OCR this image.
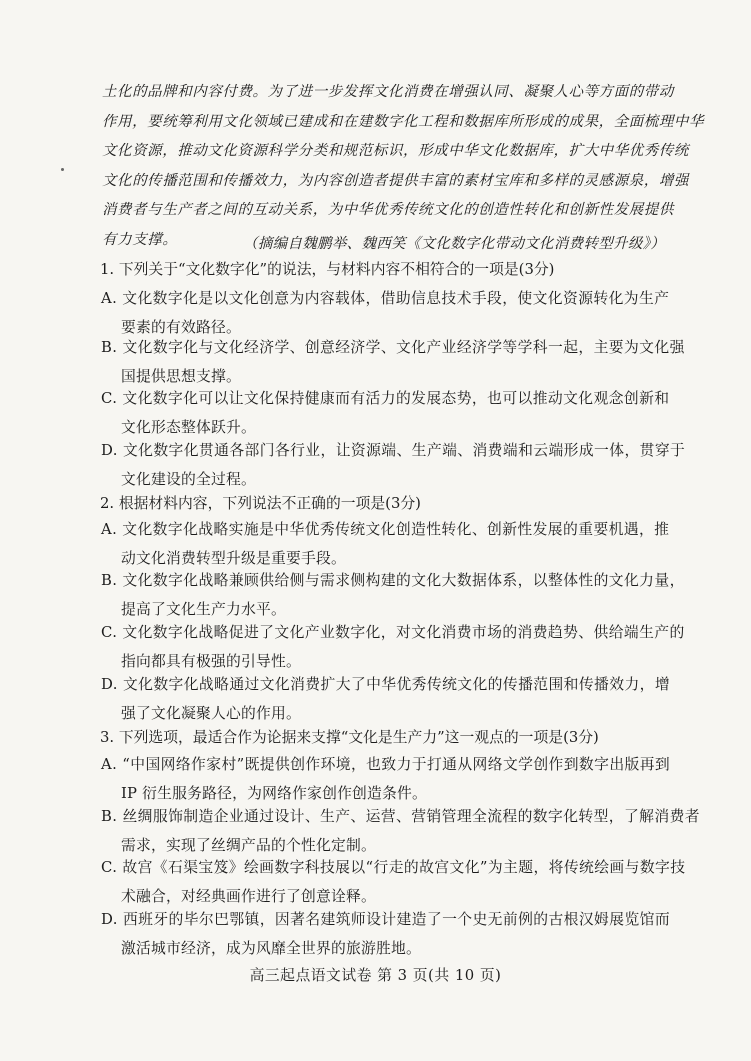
土化的品牌和内容付费。为了进一步发挥文化消费在增强认同、凝聚人心等方面的带动
作用，要统筹利用文化领域已建成和在建数字化工程和数据库所形成的成果，全面梳理中华
文化资源，推动文化资源科学分类和规范标识，形成中华文化数据库，扩大中华优秀传统
文化的传播范围和传播效力，为内容创造者提供丰富的素材宝库和多样的灵感源泉，增强
消费者与生产者之间的互动关系，为中华优秀传统文化的创造性转化和创新性发展提供
有力支撑。	（摘编自魏鹏举、魏西笑《文化数字化带动文化消费转型升级》）
1. 下列关于“文化数字化”的说法，与材料内容不相符合的一项是(3分)
A. 文化数字化是以文化创意为内容载体，借助信息技术手段，使文化资源转化为生产
要素的有效路径。
B. 文化数字化与文化经济学、创意经济学、文化产业经济学等学科一起，主要为文化强
国提供思想支撑。
C. 文化数字化可以让文化保持健康而有活力的发展态势，也可以推动文化观念创新和
文化形态整体跃升。
D. 文化数字化贯通各部门各行业，让资源端、生产端、消费端和云端形成一体，贯穿于
文化建设的全过程。
2. 根据材料内容，下列说法不正确的一项是(3分)
A. 文化数字化战略实施是中华优秀传统文化创造性转化、创新性发展的重要机遇，推
动文化消费转型升级是重要手段。
B. 文化数字化战略兼顾供给侧与需求侧构建的文化大数据体系，以整体性的文化力量，
提高了文化生产力水平。
C. 文化数字化战略促进了文化产业数字化，对文化消费市场的消费趋势、供给端生产的
指向都具有极强的引导性。
D. 文化数字化战略通过文化消费扩大了中华优秀传统文化的传播范围和传播效力，增
强了文化凝聚人心的作用。
3. 下列选项，最适合作为论据来支撑“文化是生产力”这一观点的一项是(3分)
A. “中国网络作家村”既提供创作环境，也致力于打通从网络文学创作到数字出版再到
IP 衍生服务路径，为网络作家创作创造条件。
B. 丝绸服饰制造企业通过设计、生产、运营、营销管理全流程的数字化转型，了解消费者
需求，实现了丝绸产品的个性化定制。
C. 故宫《石渠宝笈》绘画数字科技展以“行走的故宫文化”为主题，将传统绘画与数字技
术融合，对经典画作进行了创意诠释。
D. 西班牙的毕尔巴鄂镇，因著名建筑师设计建造了一个史无前例的古根汉姆展览馆而
激活城市经济，成为风靡全世界的旅游胜地。
高三起点语文试卷 第 3 页(共 10 页)
